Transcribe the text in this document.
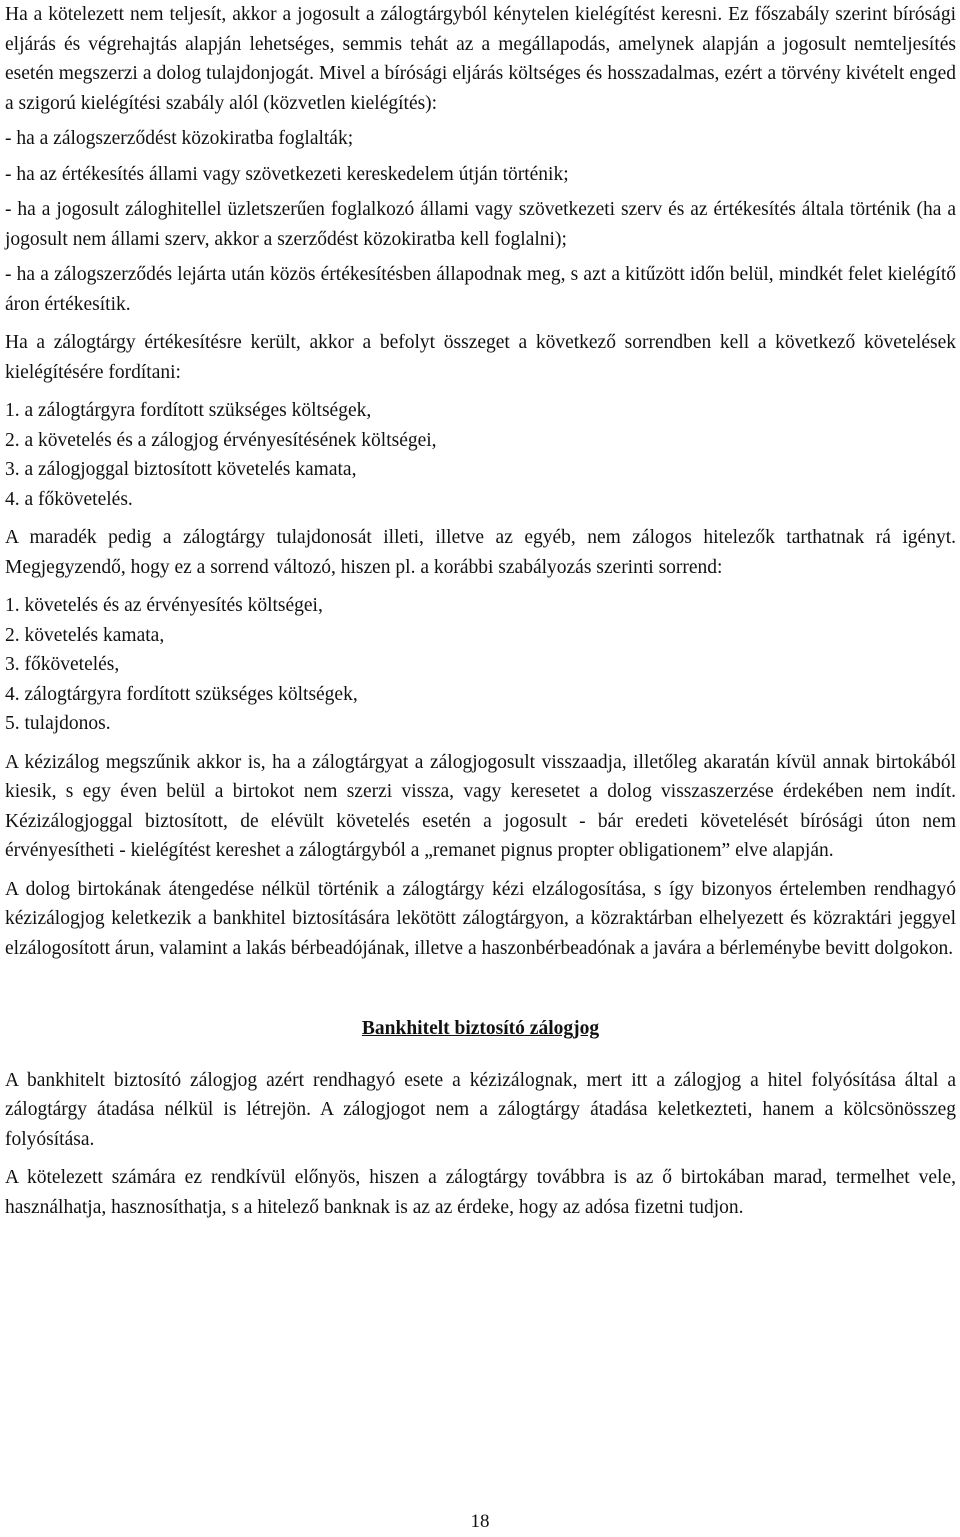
Ha a kötelezett nem teljesít, akkor a jogosult a zálogtárgyból kénytelen kielégítést keresni. Ez főszabály szerint bírósági eljárás és végrehajtás alapján lehetséges, semmis tehát az a megállapodás, amelynek alapján a jogosult nemteljesítés esetén megszerzi a dolog tulajdonjogát. Mivel a bírósági eljárás költséges és hosszadalmas, ezért a törvény kivételt enged a szigorú kielégítési szabály alól (közvetlen kielégítés):

- ha a zálogszerződést közokiratba foglalták;

- ha az értékesítés állami vagy szövetkezeti kereskedelem útján történik;

- ha a jogosult záloghitellel üzletszerűen foglalkozó állami vagy szövetkezeti szerv és az értékesítés általa történik (ha a jogosult nem állami szerv, akkor a szerződést közokiratba kell foglalni);

- ha a zálogszerződés lejárta után közös értékesítésben állapodnak meg, s azt a kitűzött időn belül, mindkét felet kielégítő áron értékesítik.

Ha a zálogtárgy értékesítésre került, akkor a befolyt összeget a következő sorrendben kell a következő követelések kielégítésére fordítani:

1. a zálogtárgyra fordított szükséges költségek,
2. a követelés és a zálogjog érvényesítésének költségei,
3. a zálogjoggal biztosított követelés kamata,
4. a főkövetelés.

A maradék pedig a zálogtárgy tulajdonosát illeti, illetve az egyéb, nem zálogos hitelezők tarthatnak rá igényt. Megjegyzendő, hogy ez a sorrend változó, hiszen pl. a korábbi szabályozás szerinti sorrend:

1. követelés és az érvényesítés költségei,
2. követelés kamata,
3. főkövetelés,
4. zálogtárgyra fordított szükséges költségek,
5. tulajdonos.

A kézizálog megszűnik akkor is, ha a zálogtárgyat a zálogjogosult visszaadja, illetőleg akaratán kívül annak birtokából kiesik, s egy éven belül a birtokot nem szerzi vissza, vagy keresetet a dolog visszaszerzése érdekében nem indít. Kézizálogjoggal biztosított, de elévült követelés esetén a jogosult - bár eredeti követelését bírósági úton nem érvényesítheti - kielégítést kereshet a zálogtárgyból a „remanet pignus propter obligationem” elve alapján.

A dolog birtokának átengedése nélkül történik a zálogtárgy kézi elzálogosítása, s így bizonyos értelemben rendhagyó kézizálogjog keletkezik a bankhitel biztosítására lekötött zálogtárgyon, a közraktárban elhelyezett és közraktári jeggyel elzálogosított árun, valamint a lakás bérbeadójának, illetve a haszonbérbeadónak a javára a bérleménybe bevitt dolgokon.

Bankhitelt biztosító zálogjog

A bankhitelt biztosító zálogjog azért rendhagyó esete a kézizálognak, mert itt a zálogjog a hitel folyósítása által a zálogtárgy átadása nélkül is létrejön. A zálogjogot nem a zálogtárgy átadása keletkezteti, hanem a kölcsönösszeg folyósítása.

A kötelezett számára ez rendkívül előnyös, hiszen a zálogtárgy továbbra is az ő birtokában marad, termelhet vele, használhatja, hasznosíthatja, s a hitelező banknak is az az érdeke, hogy az adósa fizetni tudjon.

18
